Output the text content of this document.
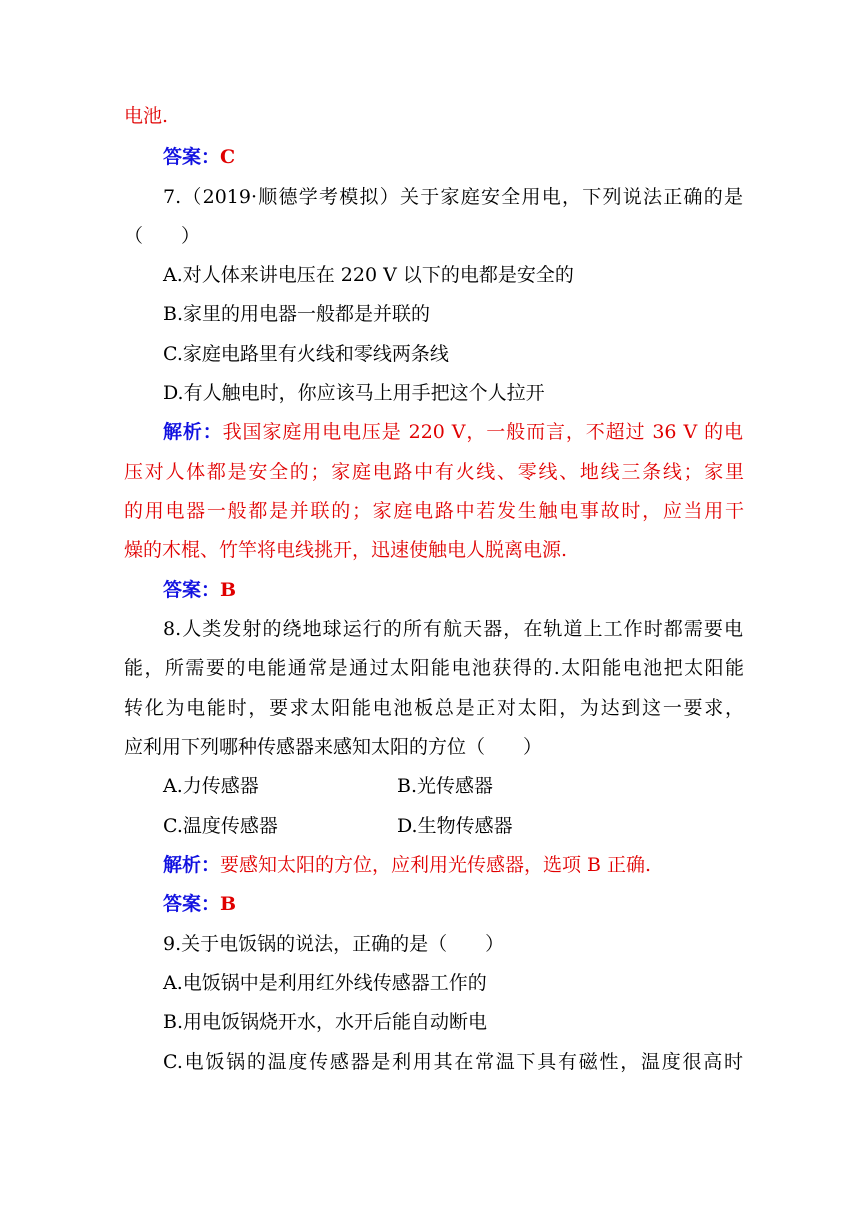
电池.
答案：C
7.（2019·顺德学考模拟）关于家庭安全用电，下列说法正确的是
（　　）
A.对人体来讲电压在 220 V 以下的电都是安全的
B.家里的用电器一般都是并联的
C.家庭电路里有火线和零线两条线
D.有人触电时，你应该马上用手把这个人拉开
解析：我国家庭用电电压是 220 V，一般而言，不超过 36 V 的电
压对人体都是安全的；家庭电路中有火线、零线、地线三条线；家里
的用电器一般都是并联的；家庭电路中若发生触电事故时，应当用干
燥的木棍、竹竿将电线挑开，迅速使触电人脱离电源.
答案：B
8.人类发射的绕地球运行的所有航天器，在轨道上工作时都需要电
能，所需要的电能通常是通过太阳能电池获得的.太阳能电池把太阳能
转化为电能时，要求太阳能电池板总是正对太阳，为达到这一要求，
应利用下列哪种传感器来感知太阳的方位（　　）
A.力传感器	B.光传感器
C.温度传感器	D.生物传感器
解析：要感知太阳的方位，应利用光传感器，选项 B 正确.
答案：B
9.关于电饭锅的说法，正确的是（　　）
A.电饭锅中是利用红外线传感器工作的
B.用电饭锅烧开水，水开后能自动断电
C.电饭锅的温度传感器是利用其在常温下具有磁性，温度很高时
